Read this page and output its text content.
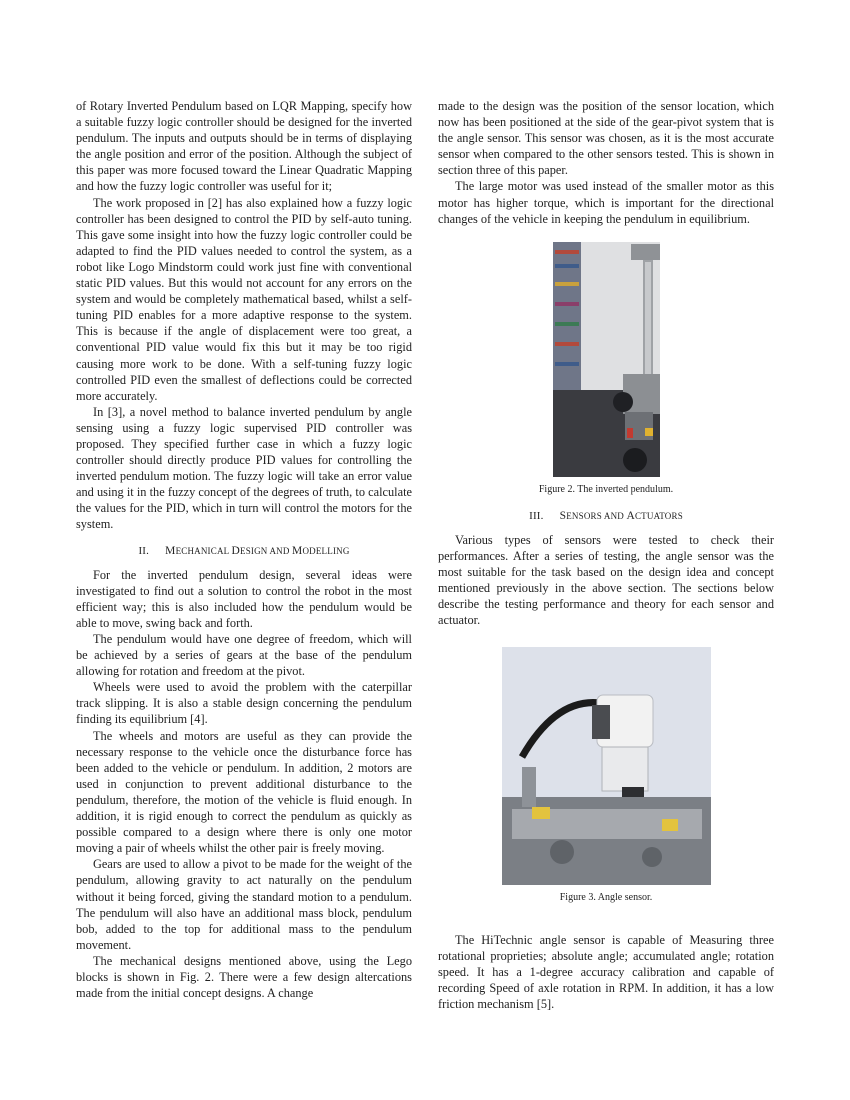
of Rotary Inverted Pendulum based on LQR Mapping, specify how a suitable fuzzy logic controller should be designed for the inverted pendulum. The inputs and outputs should be in terms of displaying the angle position and error of the position. Although the subject of this paper was more focused toward the Linear Quadratic Mapping and how the fuzzy logic controller was useful for it;

The work proposed in [2] has also explained how a fuzzy logic controller has been designed to control the PID by self-auto tuning. This gave some insight into how the fuzzy logic controller could be adapted to find the PID values needed to control the system, as a robot like Logo Mindstorm could work just fine with conventional static PID values. But this would not account for any errors on the system and would be completely mathematical based, whilst a self-tuning PID enables for a more adaptive response to the system. This is because if the angle of displacement were too great, a conventional PID value would fix this but it may be too rigid causing more work to be done. With a self-tuning fuzzy logic controlled PID even the smallest of deflections could be corrected more accurately.

In [3], a novel method to balance inverted pendulum by angle sensing using a fuzzy logic supervised PID controller was proposed. They specified further case in which a fuzzy logic controller should directly produce PID values for controlling the inverted pendulum motion. The fuzzy logic will take an error value and using it in the fuzzy concept of the degrees of truth, to calculate the values for the PID, which in turn will control the motors for the system.

II. MECHANICAL DESIGN AND MODELLING

For the inverted pendulum design, several ideas were investigated to find out a solution to control the robot in the most efficient way; this is also included how the pendulum would be able to move, swing back and forth.

The pendulum would have one degree of freedom, which will be achieved by a series of gears at the base of the pendulum allowing for rotation and freedom at the pivot.

Wheels were used to avoid the problem with the caterpillar track slipping. It is also a stable design concerning the pendulum finding its equilibrium [4].

The wheels and motors are useful as they can provide the necessary response to the vehicle once the disturbance force has been added to the vehicle or pendulum. In addition, 2 motors are used in conjunction to prevent additional disturbance to the pendulum, therefore, the motion of the vehicle is fluid enough. In addition, it is rigid enough to correct the pendulum as quickly as possible compared to a design where there is only one motor moving a pair of wheels whilst the other pair is freely moving.

Gears are used to allow a pivot to be made for the weight of the pendulum, allowing gravity to act naturally on the pendulum without it being forced, giving the standard motion to a pendulum. The pendulum will also have an additional mass block, pendulum bob, added to the top for additional mass to the pendulum movement.

The mechanical designs mentioned above, using the Lego blocks is shown in Fig. 2. There were a few design altercations made from the initial concept designs. A change

made to the design was the position of the sensor location, which now has been positioned at the side of the gear-pivot system that is the angle sensor. This sensor was chosen, as it is the most accurate sensor when compared to the other sensors tested. This is shown in section three of this paper.

The large motor was used instead of the smaller motor as this motor has higher torque, which is important for the directional changes of the vehicle in keeping the pendulum in equilibrium.

Figure 2. The inverted pendulum.
III. SENSORS AND ACTUATORS

Various types of sensors were tested to check their performances. After a series of testing, the angle sensor was the most suitable for the task based on the design idea and concept mentioned previously in the above section. The sections below describe the testing performance and theory for each sensor and actuator.

Figure 3. Angle sensor.

The HiTechnic angle sensor is capable of Measuring three rotational proprieties; absolute angle; accumulated angle; rotation speed. It has a 1-degree accuracy calibration and capable of recording Speed of axle rotation in RPM. In addition, it has a low friction mechanism [5].
